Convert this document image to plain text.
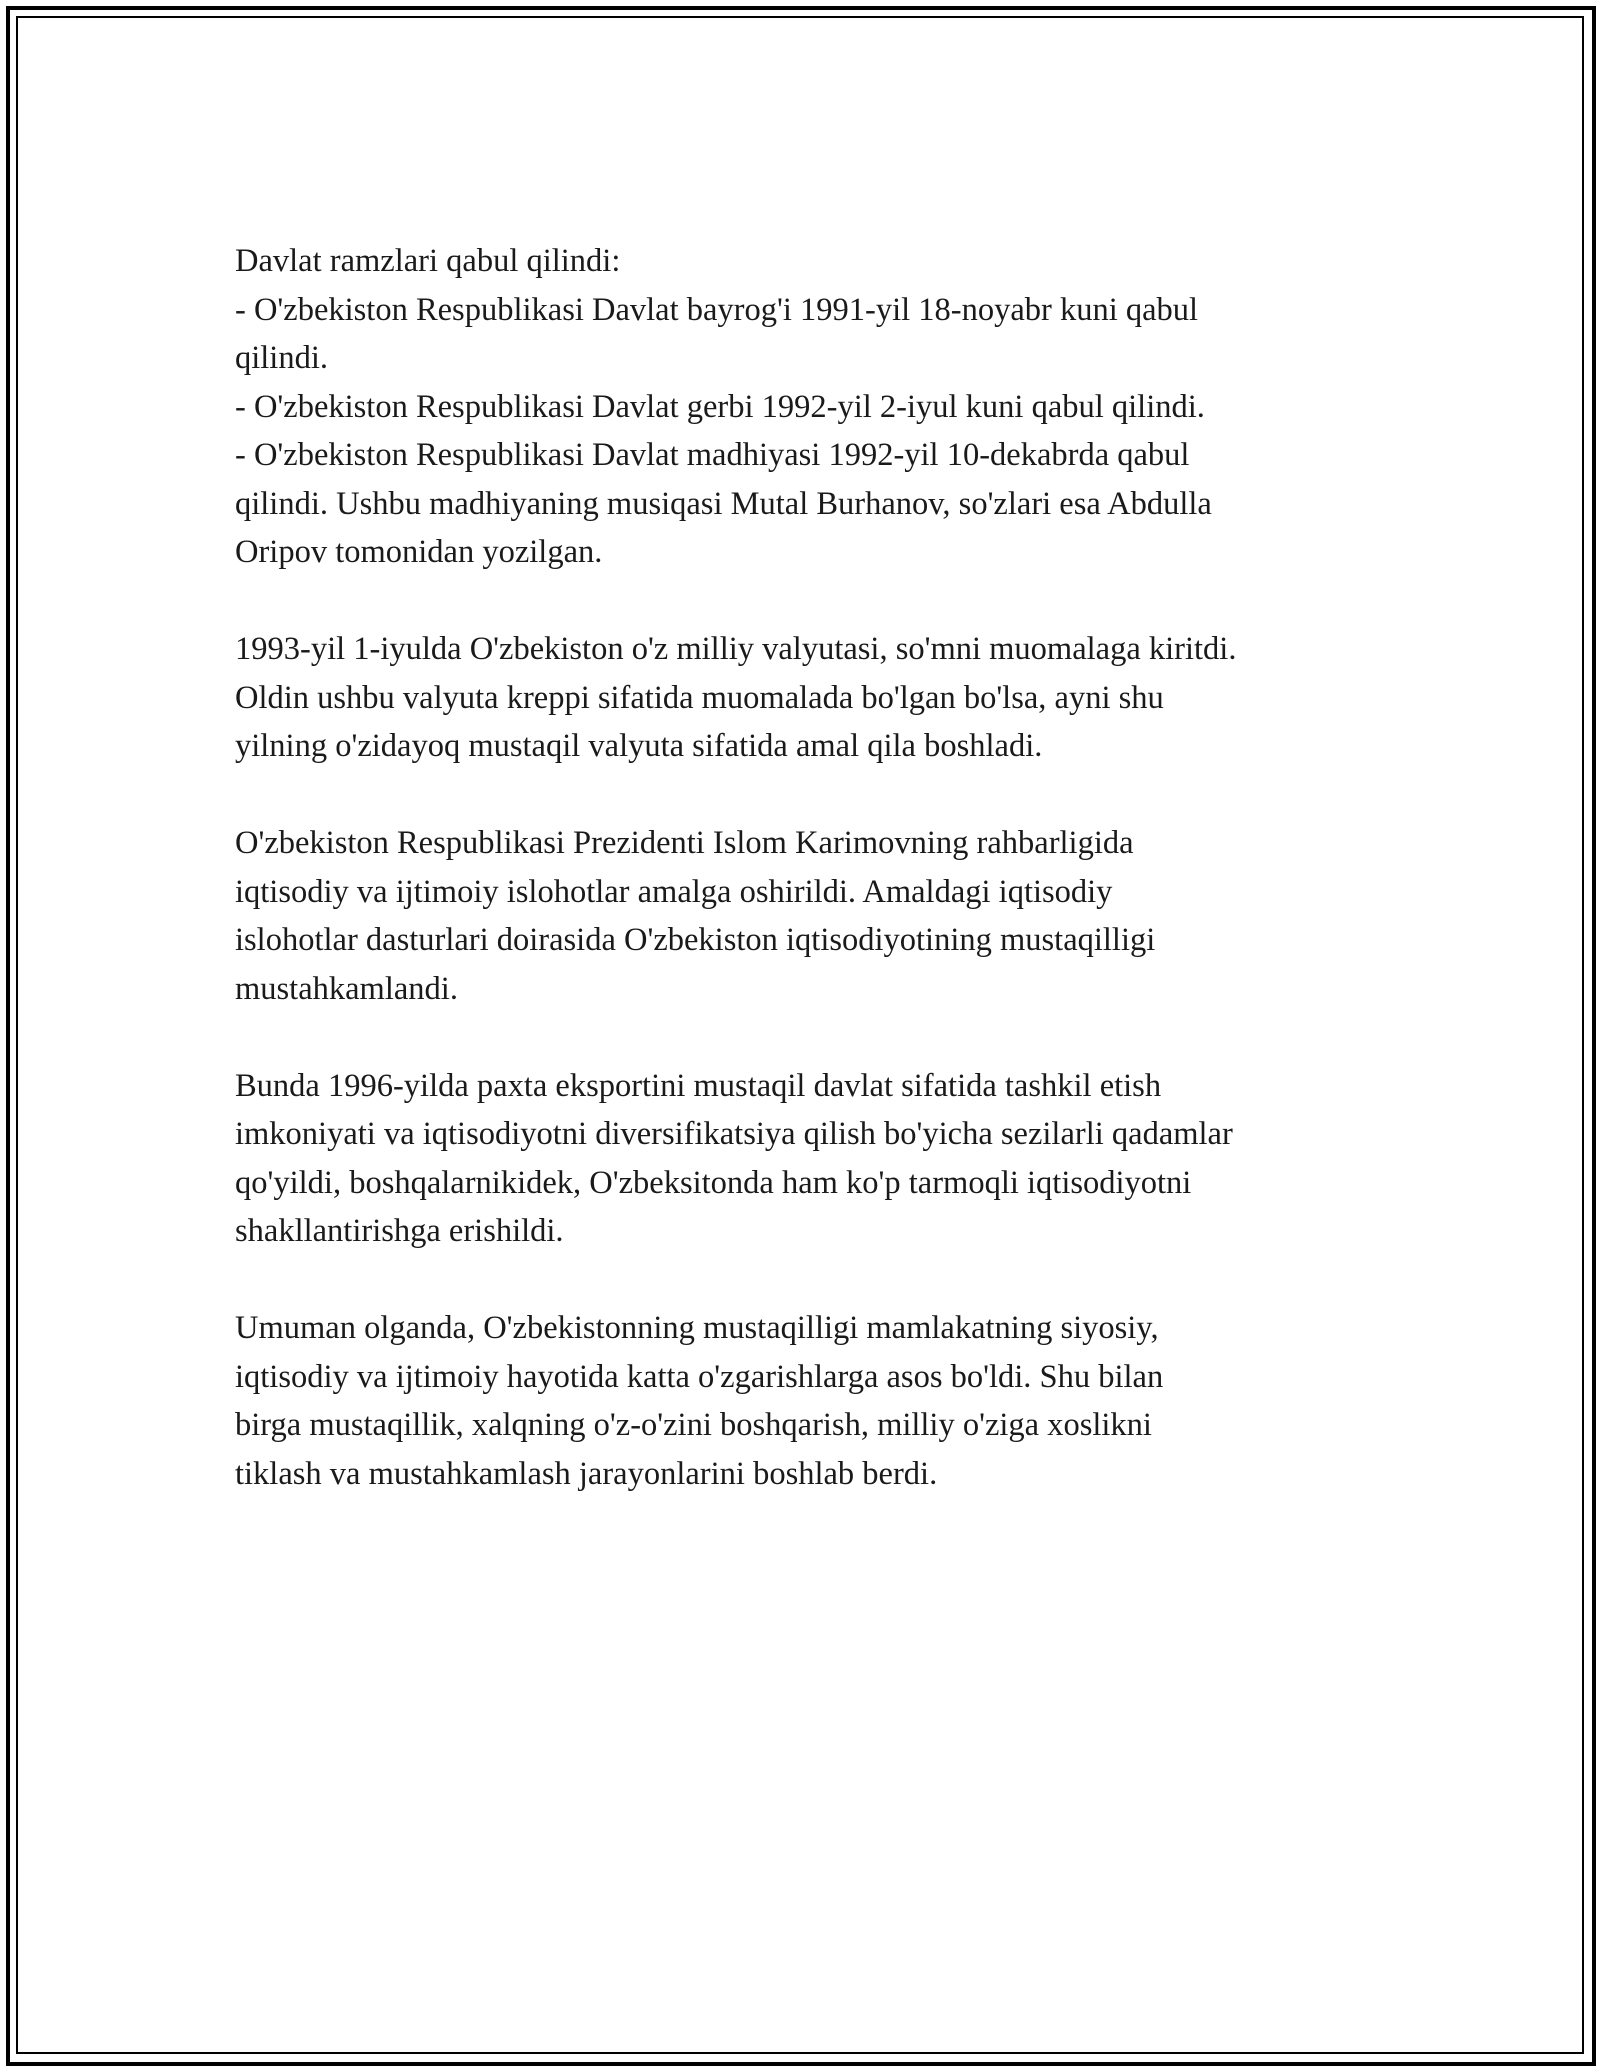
Davlat ramzlari qabul qilindi:
- O'zbekiston Respublikasi Davlat bayrog'i 1991-yil 18-noyabr kuni qabul
qilindi.
- O'zbekiston Respublikasi Davlat gerbi 1992-yil 2-iyul kuni qabul qilindi.
- O'zbekiston Respublikasi Davlat madhiyasi 1992-yil 10-dekabrda qabul
qilindi. Ushbu madhiyaning musiqasi Mutal Burhanov, so'zlari esa Abdulla
Oripov tomonidan yozilgan.

1993-yil 1-iyulda O'zbekiston o'z milliy valyutasi, so'mni muomalaga kiritdi.
Oldin ushbu valyuta kreppi sifatida muomalada bo'lgan bo'lsa, ayni shu
yilning o'zidayoq mustaqil valyuta sifatida amal qila boshladi.

O'zbekiston Respublikasi Prezidenti Islom Karimovning rahbarligida
iqtisodiy va ijtimoiy islohotlar amalga oshirildi. Amaldagi iqtisodiy
islohotlar dasturlari doirasida O'zbekiston iqtisodiyotining mustaqilligi
mustahkamlandi.

Bunda 1996-yilda paxta eksportini mustaqil davlat sifatida tashkil etish
imkoniyati va iqtisodiyotni diversifikatsiya qilish bo'yicha sezilarli qadamlar
qo'yildi, boshqalarnikidek, O'zbeksitonda ham ko'p tarmoqli iqtisodiyotni
shakllantirishga erishildi.

Umuman olganda, O'zbekistonning mustaqilligi mamlakatning siyosiy,
iqtisodiy va ijtimoiy hayotida katta o'zgarishlarga asos bo'ldi. Shu bilan
birga mustaqillik, xalqning o'z-o'zini boshqarish, milliy o'ziga xoslikni
tiklash va mustahkamlash jarayonlarini boshlab berdi.
